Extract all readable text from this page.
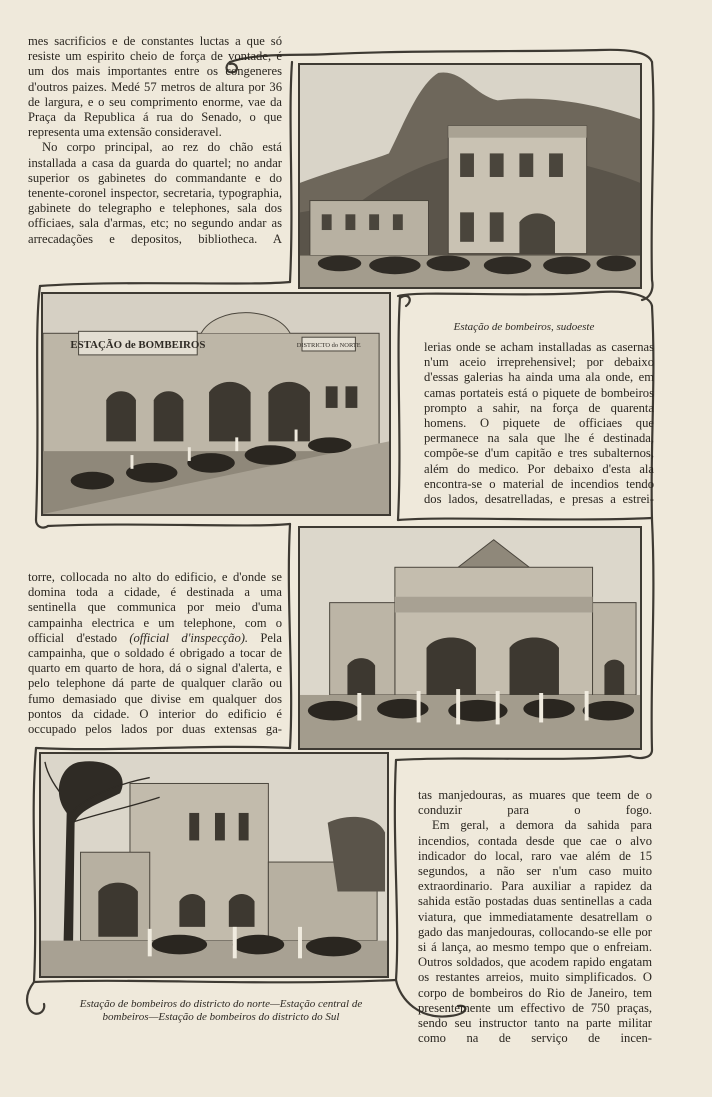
mes sacrificios e de constantes luctas a que só resiste um espirito cheio de força de vontade, é um dos mais importantes entre os congeneres d'outros paizes. Medé 57 metros de altura por 36 de largura, e o seu comprimento enorme, vae da Praça da Republica á rua do Senado, o que representa uma extensão consideravel.

No corpo principal, ao rez do chão está installada a casa da guarda do quartel; no andar superior os gabinetes do commandante e do tenente-coronel inspector, secretaria, typographia, gabinete do telegrapho e telephones, sala dos officiaes, sala d'armas, etc; no segundo andar as arrecadações e depositos, bibliotheca. A

ESTAÇÃO de BOMBEIROS	DISTRICTO do NORTE
Estação de bombeiros, sudoeste

lerias onde se acham installadas as casernas n'um aceio irreprehensivel; por debaixo d'essas galerias ha ainda uma ala onde, em camas portateis está o piquete de bombeiros prompto a sahir, na força de quarenta homens. O piquete de officiaes que permanece na sala que lhe é destinada, compõe-se d'um capitão e tres subalternos, além do medico. Por debaixo d'esta ala encontra-se o material de incendios tendo dos lados, desatrelladas, e presas a estrei-

torre, collocada no alto do edificio, e d'onde se domina toda a cidade, é destinada a uma sentinella que communica por meio d'uma campainha electrica e um telephone, com o official d'estado (official d'inspecção). Pela campainha, que o soldado é obrigado a tocar de quarto em quarto de hora, dá o signal d'alerta, e pelo telephone dá parte de qualquer clarão ou fumo demasiado que divise em qualquer dos pontos da cidade. O interior do edificio é occupado pelos lados por duas extensas ga-

tas manjedouras, as muares que teem de o conduzir para o fogo.

Em geral, a demora da sahida para incendios, contada desde que cae o alvo indicador do local, raro vae além de 15 segundos, a não ser n'um caso muito extraordinario. Para auxiliar a rapidez da sahida estão postadas duas sentinellas a cada viatura, que immediatamente desatrellam o gado das manjedouras, collocando-se elle por si á lança, ao mesmo tempo que o enfreiam. Outros soldados, que acodem rapido engatam os restantes arreios, muito simplificados. O corpo de bombeiros do Rio de Janeiro, tem presentemente um effectivo de 750 praças, sendo seu instructor tanto na parte militar como na de serviço de incen-

Estação de bombeiros do districto do norte—Estação central de bombeiros—Estação de bombeiros do districto do Sul
